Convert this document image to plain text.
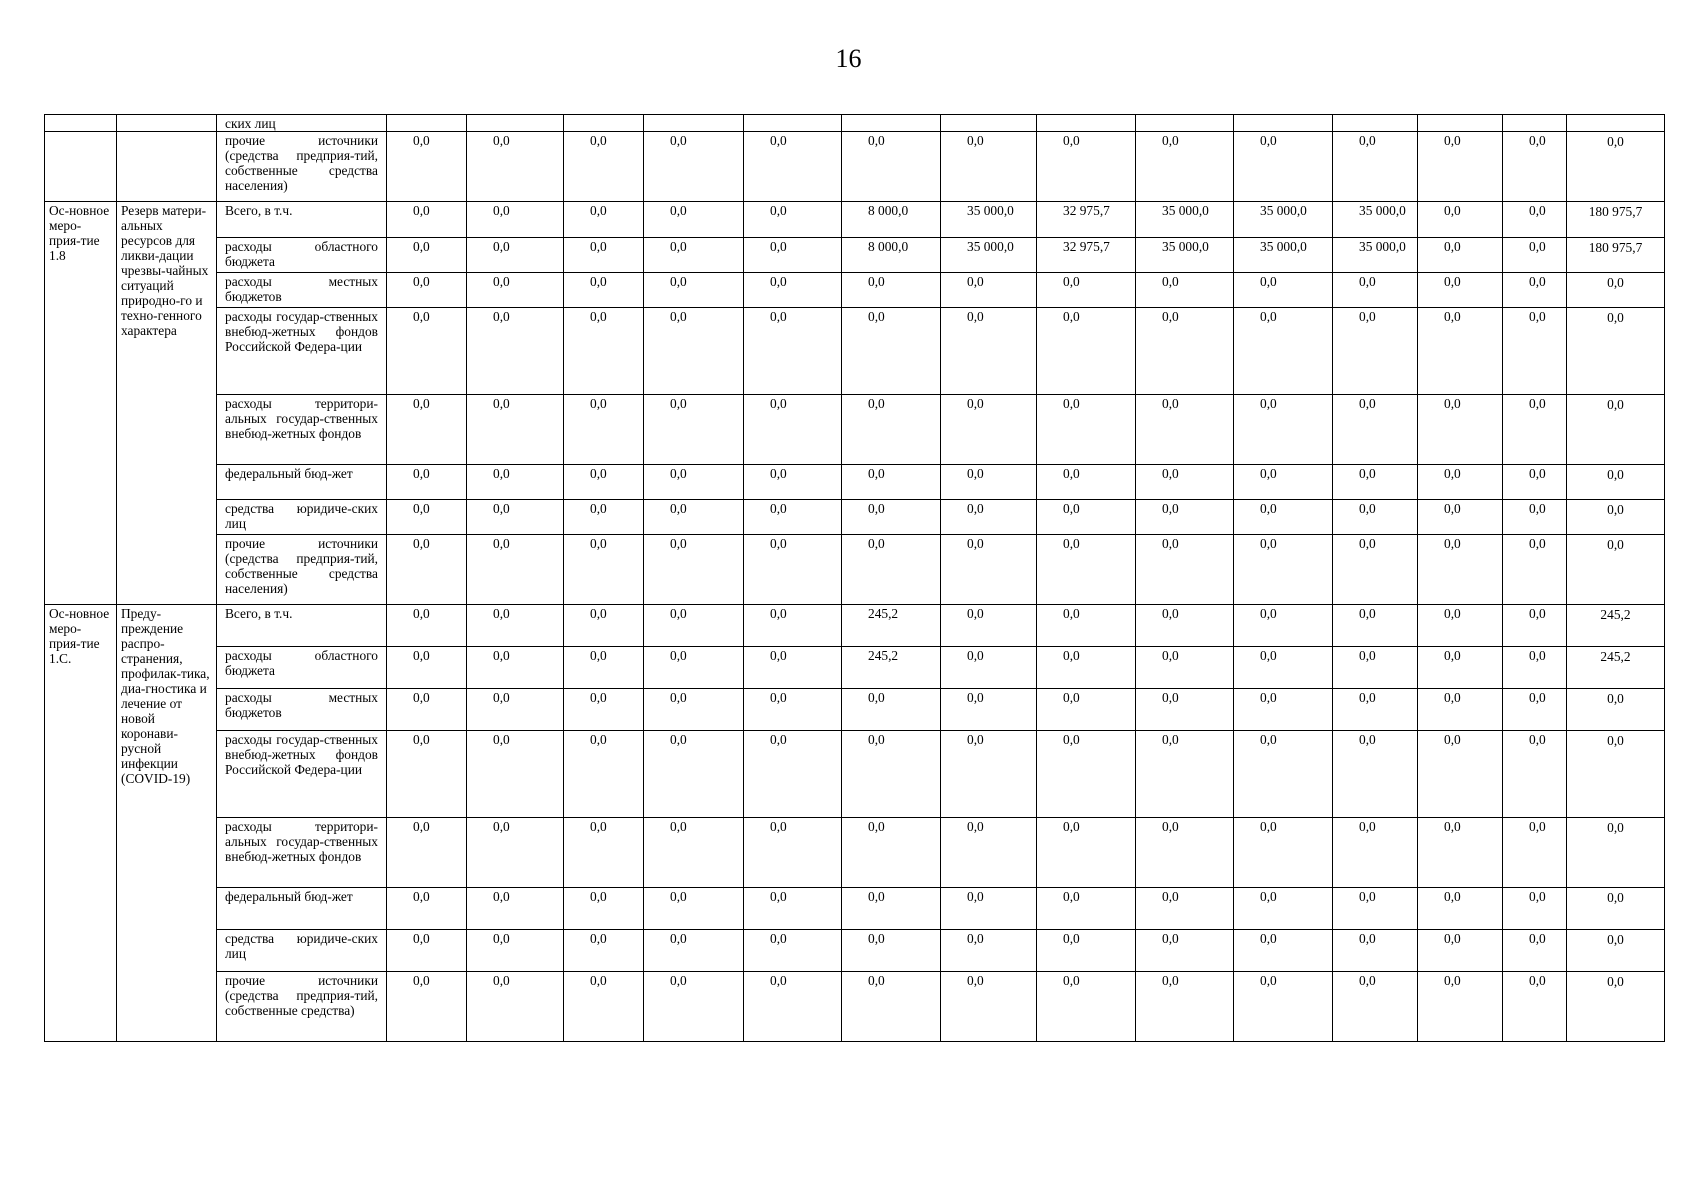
16
		ских лиц														
		прочие источники (средства предприя-тий, собственные средства населения)	0,0	0,0	0,0	0,0	0,0	0,0	0,0	0,0	0,0	0,0	0,0	0,0	0,0	0,0
Ос-новное меро-прия-тие 1.8	Резерв матери-альных ресурсов для ликви-дации чрезвы-чайных ситуаций природно-го и техно-генного характера	Всего, в т.ч.	0,0	0,0	0,0	0,0	0,0	8 000,0	35 000,0	32 975,7	35 000,0	35 000,0	35 000,0	0,0	0,0	180 975,7
		расходы областного бюджета	0,0	0,0	0,0	0,0	0,0	8 000,0	35 000,0	32 975,7	35 000,0	35 000,0	35 000,0	0,0	0,0	180 975,7
		расходы местных бюджетов	0,0	0,0	0,0	0,0	0,0	0,0	0,0	0,0	0,0	0,0	0,0	0,0	0,0	0,0
		расходы государ-ственных внебюд-жетных фондов Российской Федера-ции	0,0	0,0	0,0	0,0	0,0	0,0	0,0	0,0	0,0	0,0	0,0	0,0	0,0	0,0
		расходы территори-альных государ-ственных внебюд-жетных фондов	0,0	0,0	0,0	0,0	0,0	0,0	0,0	0,0	0,0	0,0	0,0	0,0	0,0	0,0
		федеральный бюд-жет	0,0	0,0	0,0	0,0	0,0	0,0	0,0	0,0	0,0	0,0	0,0	0,0	0,0	0,0
		средства юридиче-ских лиц	0,0	0,0	0,0	0,0	0,0	0,0	0,0	0,0	0,0	0,0	0,0	0,0	0,0	0,0
		прочие источники (средства предприя-тий, собственные средства населения)	0,0	0,0	0,0	0,0	0,0	0,0	0,0	0,0	0,0	0,0	0,0	0,0	0,0	0,0
Ос-новное меро-прия-тие 1.C.	Преду-преждение распро-странения, профилак-тика, диа-гностика и лечение от новой коронави-русной инфекции (COVID-19)	Всего, в т.ч.	0,0	0,0	0,0	0,0	0,0	245,2	0,0	0,0	0,0	0,0	0,0	0,0	0,0	245,2
		расходы областного бюджета	0,0	0,0	0,0	0,0	0,0	245,2	0,0	0,0	0,0	0,0	0,0	0,0	0,0	245,2
		расходы местных бюджетов	0,0	0,0	0,0	0,0	0,0	0,0	0,0	0,0	0,0	0,0	0,0	0,0	0,0	0,0
		расходы государ-ственных внебюд-жетных фондов Российской Федера-ции	0,0	0,0	0,0	0,0	0,0	0,0	0,0	0,0	0,0	0,0	0,0	0,0	0,0	0,0
		расходы территори-альных государ-ственных внебюд-жетных фондов	0,0	0,0	0,0	0,0	0,0	0,0	0,0	0,0	0,0	0,0	0,0	0,0	0,0	0,0
		федеральный бюд-жет	0,0	0,0	0,0	0,0	0,0	0,0	0,0	0,0	0,0	0,0	0,0	0,0	0,0	0,0
		средства юридиче-ских лиц	0,0	0,0	0,0	0,0	0,0	0,0	0,0	0,0	0,0	0,0	0,0	0,0	0,0	0,0
		прочие источники (средства предприя-тий, собственные средства)	0,0	0,0	0,0	0,0	0,0	0,0	0,0	0,0	0,0	0,0	0,0	0,0	0,0	0,0
